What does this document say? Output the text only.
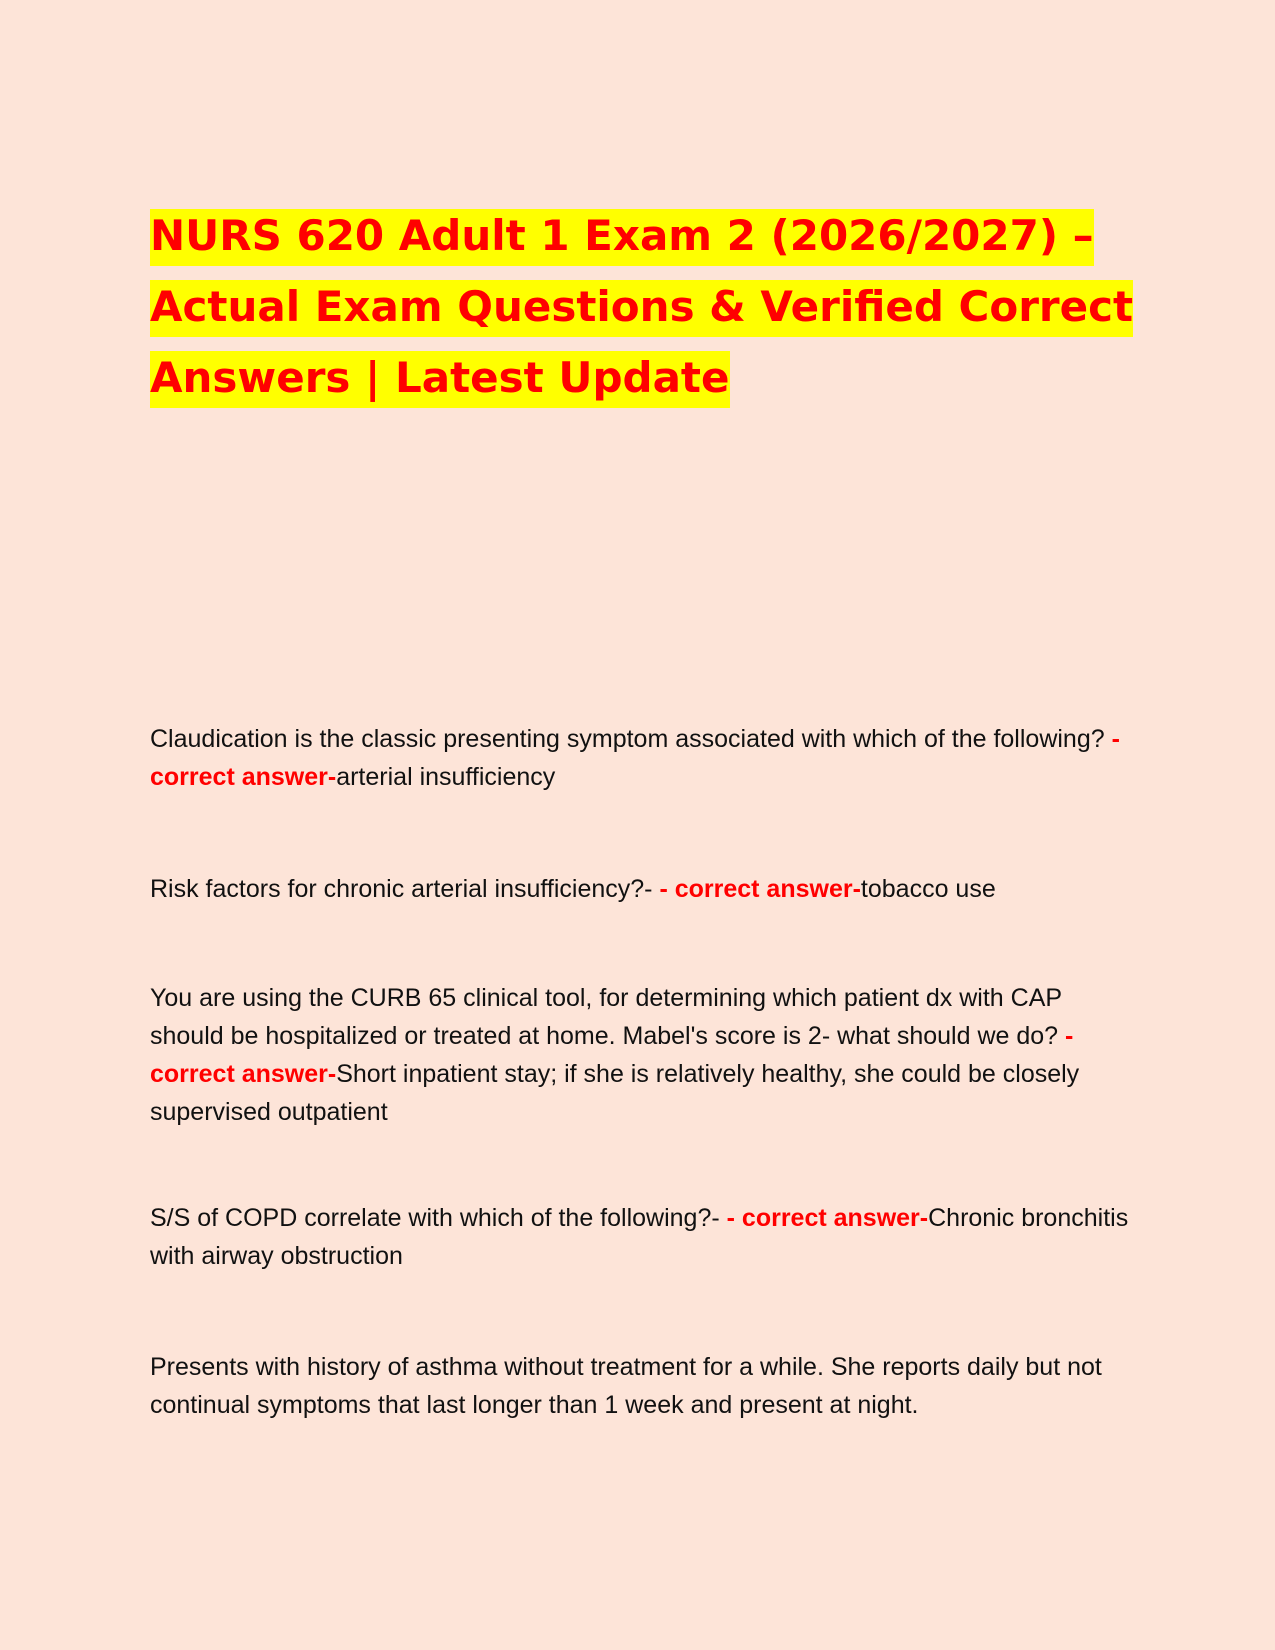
NURS 620 Adult 1 Exam 2 (2026/2027) –
Actual Exam Questions & Verified Correct
Answers | Latest Update
Claudication is the classic presenting symptom associated with which of the following? - correct answer-arterial insufficiency
Risk factors for chronic arterial insufficiency?- - correct answer-tobacco use
You are using the CURB 65 clinical tool, for determining which patient dx with CAP should be hospitalized or treated at home. Mabel's score is 2- what should we do? - correct answer-Short inpatient stay; if she is relatively healthy, she could be closely supervised outpatient
S/S of COPD correlate with which of the following?- - correct answer-Chronic bronchitis with airway obstruction
Presents with history of asthma without treatment for a while. She reports daily but not continual symptoms that last longer than 1 week and present at night.
